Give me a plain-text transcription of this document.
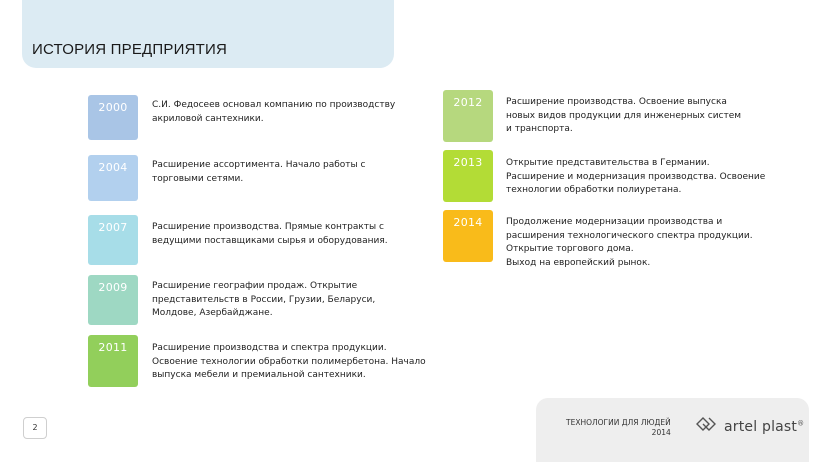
ИСТОРИЯ ПРЕДПРИЯТИЯ
2000	С.И. Федосеев основал компанию по производству
акриловой сантехники.
2004	Расширение ассортимента. Начало работы с
торговыми сетями.
2007	Расширение производства. Прямые контракты с
ведущими поставщиками сырья и оборудования.
2009	Расширение географии продаж. Открытие
представительств в России, Грузии, Беларуси,
Молдове, Азербайджане.
2011	Расширение производства и спектра продукции.
Освоение технологии обработки полимербетона. Начало
выпуска мебели и премиальной сантехники.
2012	Расширение производства. Освоение выпуска
новых видов продукции для инженерных систем
и транспорта.
2013	Открытие представительства в Германии.
Расширение и модернизация производства. Освоение
технологии обработки полиуретана.
2014	Продолжение модернизации производства и
расширения технологического спектра продукции.
Открытие торгового дома.
Выход на европейский рынок.
2
ТЕХНОЛОГИИ ДЛЯ ЛЮДЕЙ
2014	artel plast®
